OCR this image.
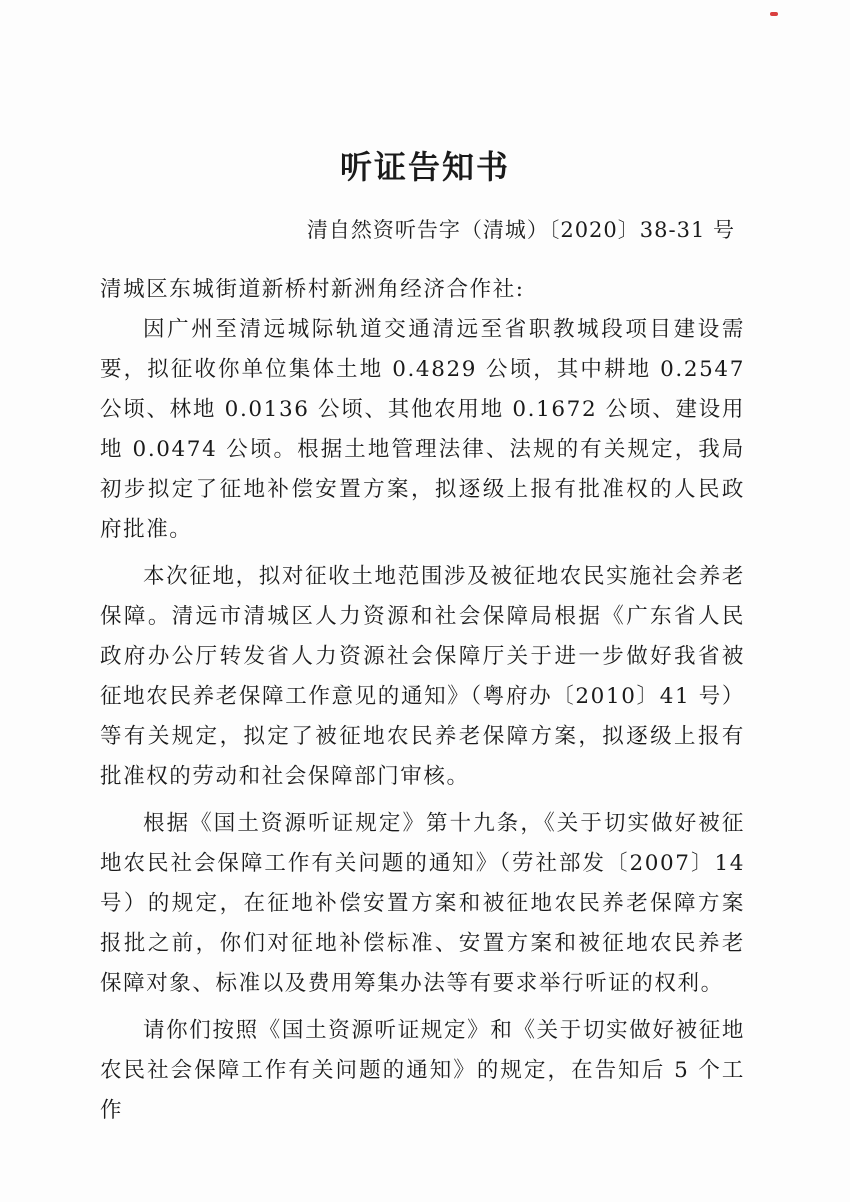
听证告知书
清自然资听告字（清城）〔2020〕38-31 号

清城区东城街道新桥村新洲角经济合作社:

因广州至清远城际轨道交通清远至省职教城段项目建设需要，拟征收你单位集体土地 0.4829 公顷，其中耕地 0.2547 公顷、林地 0.0136 公顷、其他农用地 0.1672 公顷、建设用地 0.0474 公顷。根据土地管理法律、法规的有关规定，我局初步拟定了征地补偿安置方案，拟逐级上报有批准权的人民政府批准。

本次征地，拟对征收土地范围涉及被征地农民实施社会养老保障。清远市清城区人力资源和社会保障局根据《广东省人民政府办公厅转发省人力资源社会保障厅关于进一步做好我省被征地农民养老保障工作意见的通知》（粤府办〔2010〕41 号）等有关规定，拟定了被征地农民养老保障方案，拟逐级上报有批准权的劳动和社会保障部门审核。

根据《国土资源听证规定》第十九条，《关于切实做好被征地农民社会保障工作有关问题的通知》（劳社部发〔2007〕14 号）的规定，在征地补偿安置方案和被征地农民养老保障方案报批之前，你们对征地补偿标准、安置方案和被征地农民养老保障对象、标准以及费用筹集办法等有要求举行听证的权利。

请你们按照《国土资源听证规定》和《关于切实做好被征地农民社会保障工作有关问题的通知》的规定，在告知后 5 个工作
